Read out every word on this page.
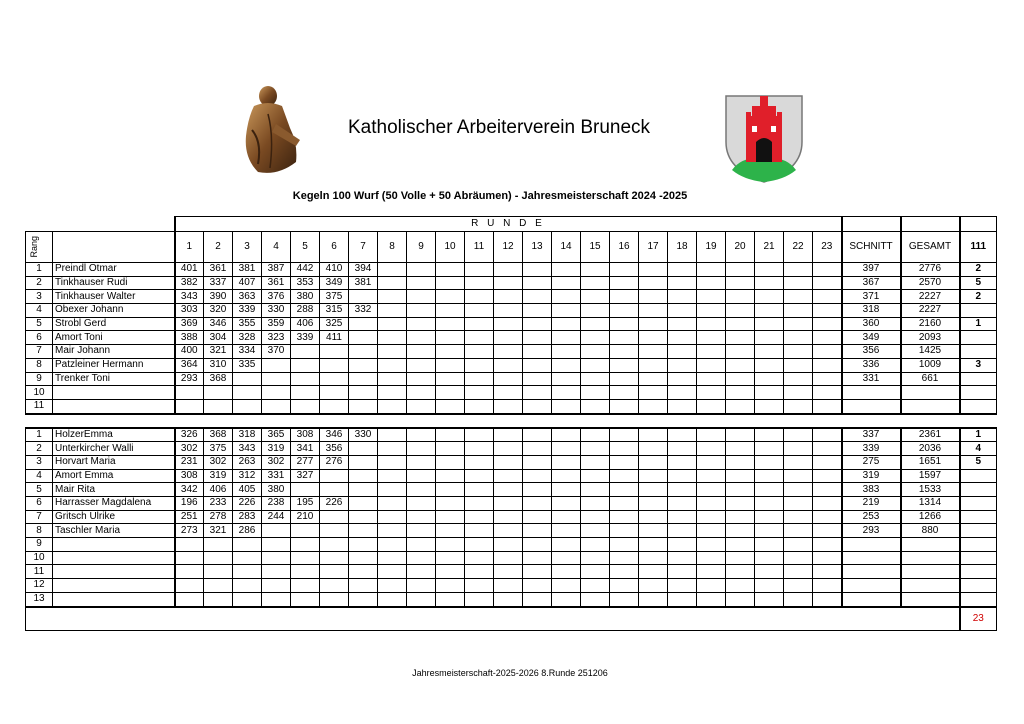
Katholischer Arbeiterverein Bruneck
Kegeln 100 Wurf (50 Volle + 50 Abräumen) - Jahresmeisterschaft 2024 -2025
		R U N D E																									

Rang		1	2	3	4	5	6	7	8	9	10	11	12	13	14	15	16	17	18	19	20	21	22	23	SCHNITT	GESAMT	111
1	Preindl Otmar	401	361	381	387	442	410	394																	397	2776	2
2	Tinkhauser Rudi	382	337	407	361	353	349	381																	367	2570	5
3	Tinkhauser Walter	343	390	363	376	380	375																		371	2227	2
4	Obexer Johann	303	320	339	330	288	315	332																	318	2227	
5	Strobl Gerd	369	346	355	359	406	325																		360	2160	1
6	Amort Toni	388	304	328	323	339	411																		349	2093	
7	Mair Johann	400	321	334	370																				356	1425	
8	Patzleiner Hermann	364	310	335																					336	1009	3
9	Trenker Toni	293	368																						331	661	
10																											
11																											

1	HolzerEmma	326	368	318	365	308	346	330																	337	2361	1
2	Unterkircher Walli	302	375	343	319	341	356																		339	2036	4
3	Horvart Maria	231	302	263	302	277	276																		275	1651	5
4	Amort Emma	308	319	312	331	327																			319	1597	
5	Mair Rita	342	406	405	380																				383	1533	
6	Harrasser Magdalena	196	233	226	238	195	226																		219	1314	
7	Gritsch Ulrike	251	278	283	244	210																			253	1266	
8	Taschler Maria	273	321	286																					293	880	
9																											
10																											
11																											
12																											
13																											
																											23
Jahresmeisterschaft-2025-2026 8.Runde 251206
